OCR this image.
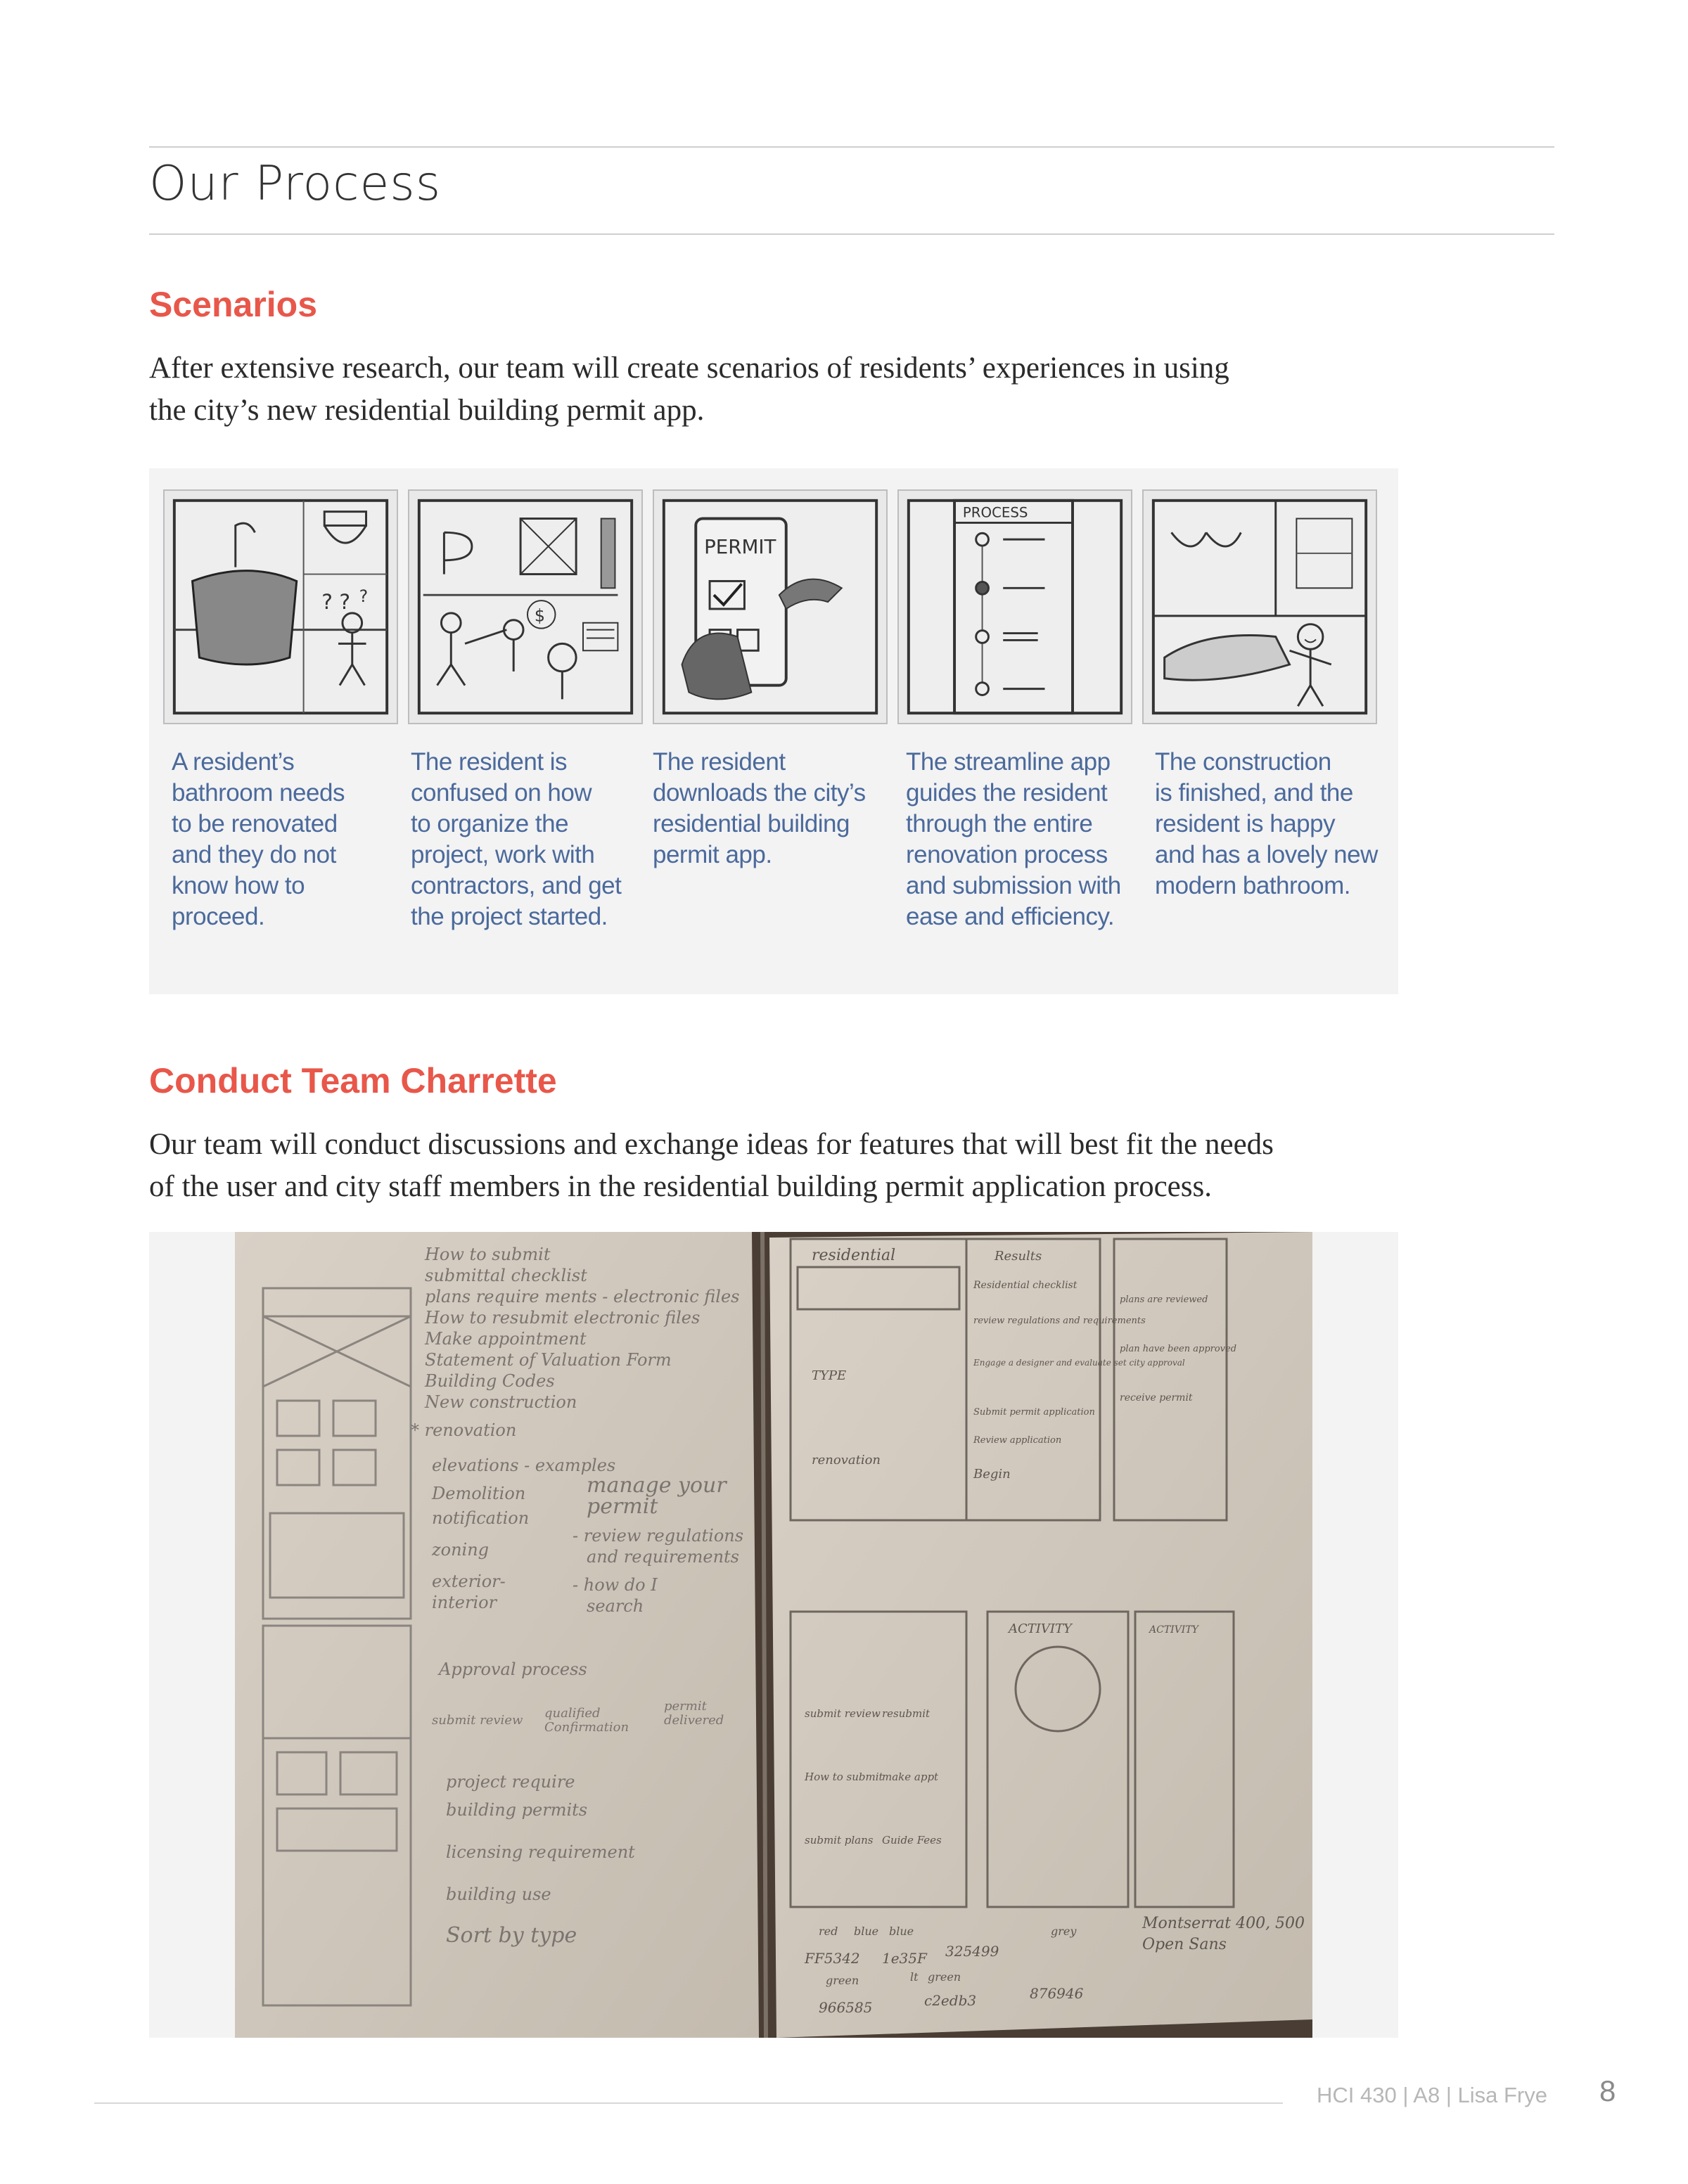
Our Process
Scenarios
After extensive research, our team will create scenarios of residents’ experiences in using
the city’s new residential building permit app.
? ? ?
$
PERMIT
PROCESS
A resident’s
bathroom needs
to be renovated
and they do not
know how to
proceed.
The resident is
confused on how
to organize the
project, work with
contractors, and get
the project started.
The resident
downloads the city’s
residential building
permit app.
The streamline app
guides the resident
through the entire
renovation process
and submission with
ease and efficiency.
The construction
is finished, and the
resident is happy
and has a lovely new
modern bathroom.
Conduct Team Charrette
Our team will conduct discussions and exchange ideas for features that will best fit the needs
of the user and city staff members in the residential building permit application process.
How to submit
submittal checklist
plans require ments - electronic files
How to resubmit electronic files
Make appointment
Statement of Valuation Form
Building Codes
New construction
* renovation
elevations - examples
Demolition
notification
zoning
exterior-
interior
manage your
permit
- review regulations
and requirements
- how do I
search
Approval process
submit review qualified
Confirmation
permit
delivered
project require
building permits
licensing requirement
building use
Sort by type
residential
TYPE
renovation
Results
Residential checklist
review regulations and requirements
Engage a designer and evaluate set city approval
Submit permit application
Review application
Begin
plans are reviewed
plan have been approved
receive permit
ACTIVITY	ACTIVITY
submit review resubmit
How to submit
make appt
submit plans Guide Fees
Montserrat 400, 500
Open Sans
red blue blue
FF5342 1e35F 325499
green	lt green
grey
966585	c2edb3	876946

HCI 430 | A8 | Lisa Frye 8
